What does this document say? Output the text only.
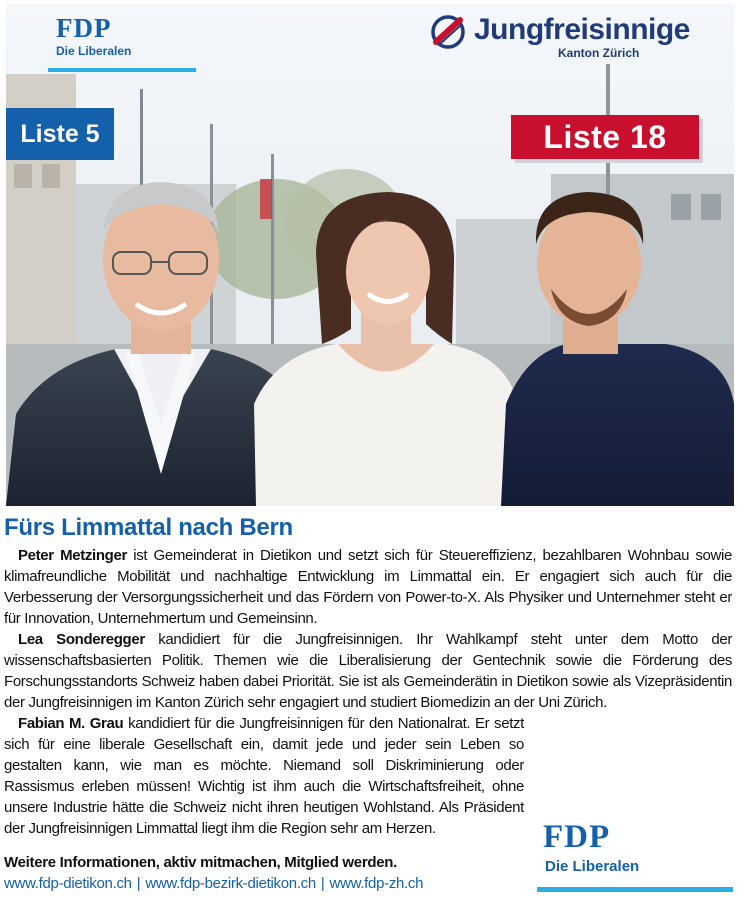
FDP
Die Liberalen
Jungfreisinnige
Kanton Zürich
Liste 5	Liste 18
Fürs Limmattal nach Bern

Peter Metzinger ist Gemeinderat in Dietikon und setzt sich für Steuereffizienz, bezahlbaren Wohnbau sowie klimafreundliche Mobilität und nachhaltige Entwicklung im Limmattal ein. Er engagiert sich auch für die Verbesserung der Versorgungssicherheit und das Fördern von Power-to-X. Als Physiker und Unternehmer steht er für Innovation, Unternehmertum und Gemeinsinn.

Lea Sonderegger kandidiert für die Jungfreisinnigen. Ihr Wahlkampf steht unter dem Motto der wissenschaftsbasierten Politik. Themen wie die Liberalisierung der Gentechnik sowie die Förderung des Forschungsstandorts Schweiz haben dabei Priorität. Sie ist als Gemeinderätin in Dietikon sowie als Vizepräsidentin der Jungfreisinnigen im Kanton Zürich sehr engagiert und studiert Biomedizin an der Uni Zürich.

Fabian M. Grau kandidiert für die Jungfreisinnigen für den Nationalrat. Er setzt sich für eine liberale Gesellschaft ein, damit jede und jeder sein Leben so gestalten kann, wie man es möchte. Niemand soll Diskriminierung oder Rassismus erleben müssen! Wichtig ist ihm auch die Wirtschaftsfreiheit, ohne unsere Industrie hätte die Schweiz nicht ihren heutigen Wohlstand. Als Präsident der Jungfreisinnigen Limmattal liegt ihm die Region sehr am Herzen.

Weitere Informationen, aktiv mitmachen, Mitglied werden.
www.fdp-dietikon.ch | www.fdp-bezirk-dietikon.ch | www.fdp-zh.ch
FDP
Die Liberalen
